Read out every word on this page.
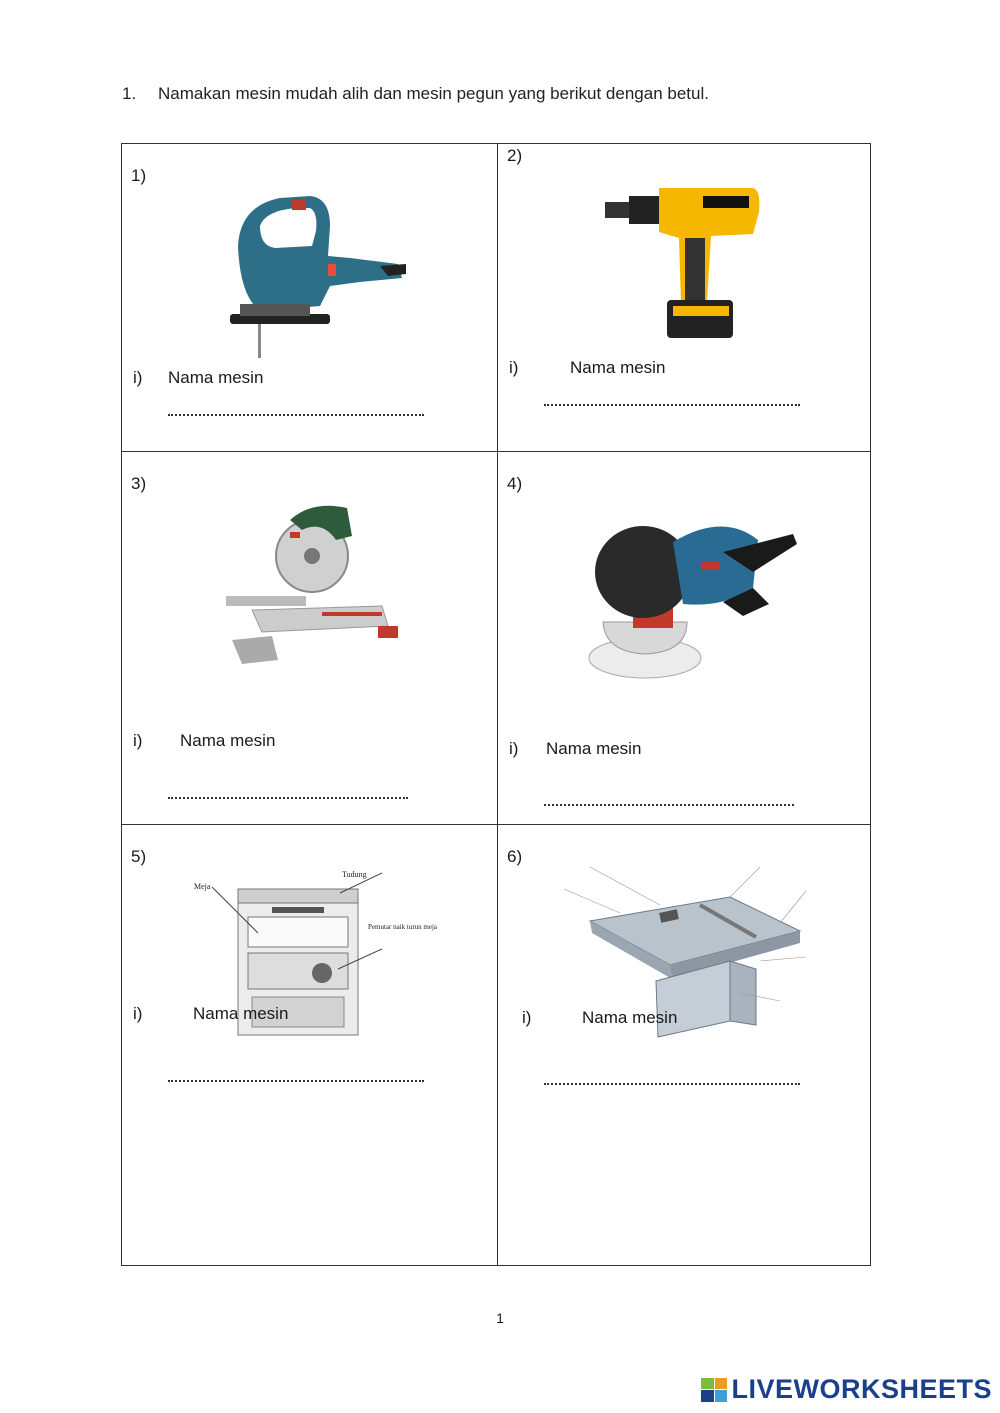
1. Namakan mesin mudah alih dan mesin pegun yang berikut dengan betul.
1)
i) Nama mesin
2)
i)	Nama mesin
3)
i) Nama mesin
4)
i) Nama mesin
5)
Tudung
Meja
Pemutar naik turun meja
i)	Nama mesin
6)
i)	Nama mesin
1
LIVEWORKSHEETS
